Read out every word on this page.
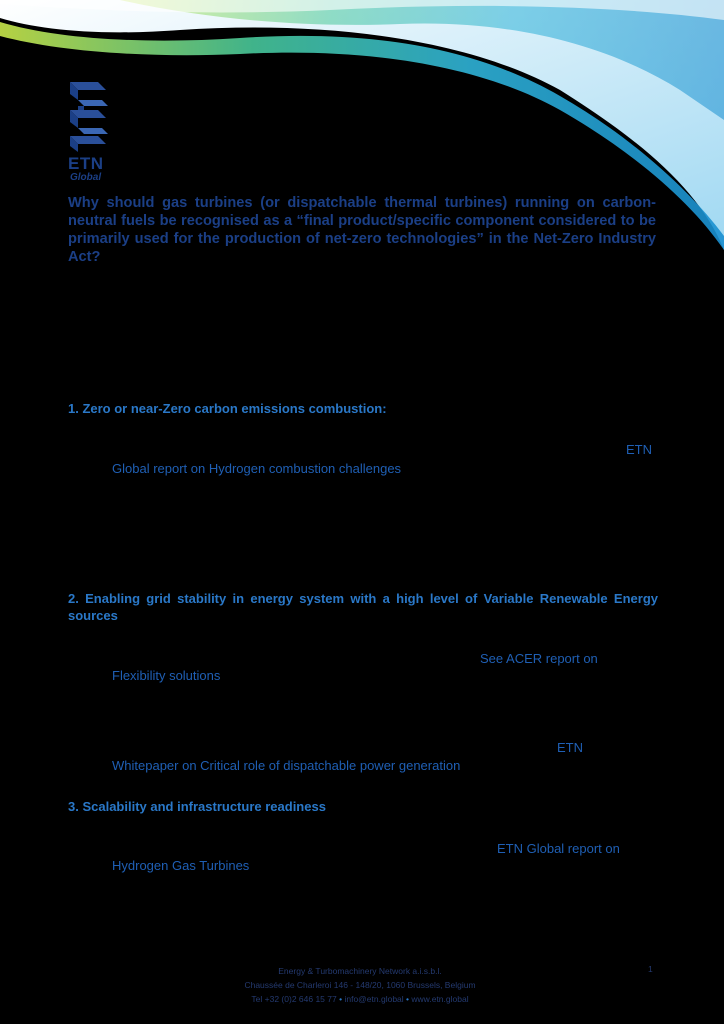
ETN
Global

Why should gas turbines (or dispatchable thermal turbines) running on carbon-neutral fuels be recognised as a “final product/specific component considered to be primarily used for the production of net-zero technologies” in the Net-Zero Industry Act?

1. Zero or near-Zero carbon emissions combustion:

ETN
Global report on Hydrogen combustion challenges

2. Enabling grid stability in energy system with a high level of Variable Renewable Energy sources

See ACER report on
Flexibility solutions
ETN
Whitepaper on Critical role of dispatchable power generation

3. Scalability and infrastructure readiness

ETN Global report on
Hydrogen Gas Turbines
Energy & Turbomachinery Network a.i.s.b.l.
Chaussée de Charleroi 146 - 148/20, 1060 Brussels, Belgium
Tel +32 (0)2 646 15 77 • info@etn.global • www.etn.global
1
